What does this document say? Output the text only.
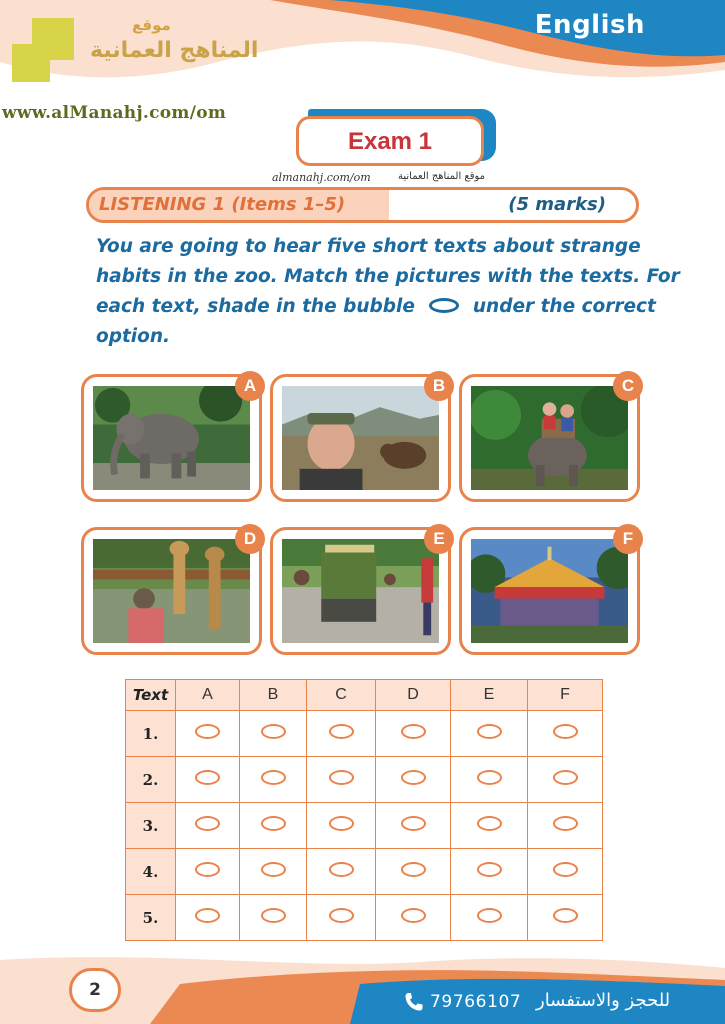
English
موقع
المناهج العمانية
www.alManahj.com/om
Exam 1
almanahj.com/om	موقع المناهج العمانية
LISTENING 1 (Items 1–5)	(5 marks)
You are going to hear five short texts about strange
habits in the zoo. Match the pictures with the texts. For
each text, shade in the bubble	under the correct
option.
A	B	C
D	E	F
Text	A	B	C	D	E	F
1.						
2.						
3.						
4.						
5.						
2
79766107 للحجز والاستفسار
